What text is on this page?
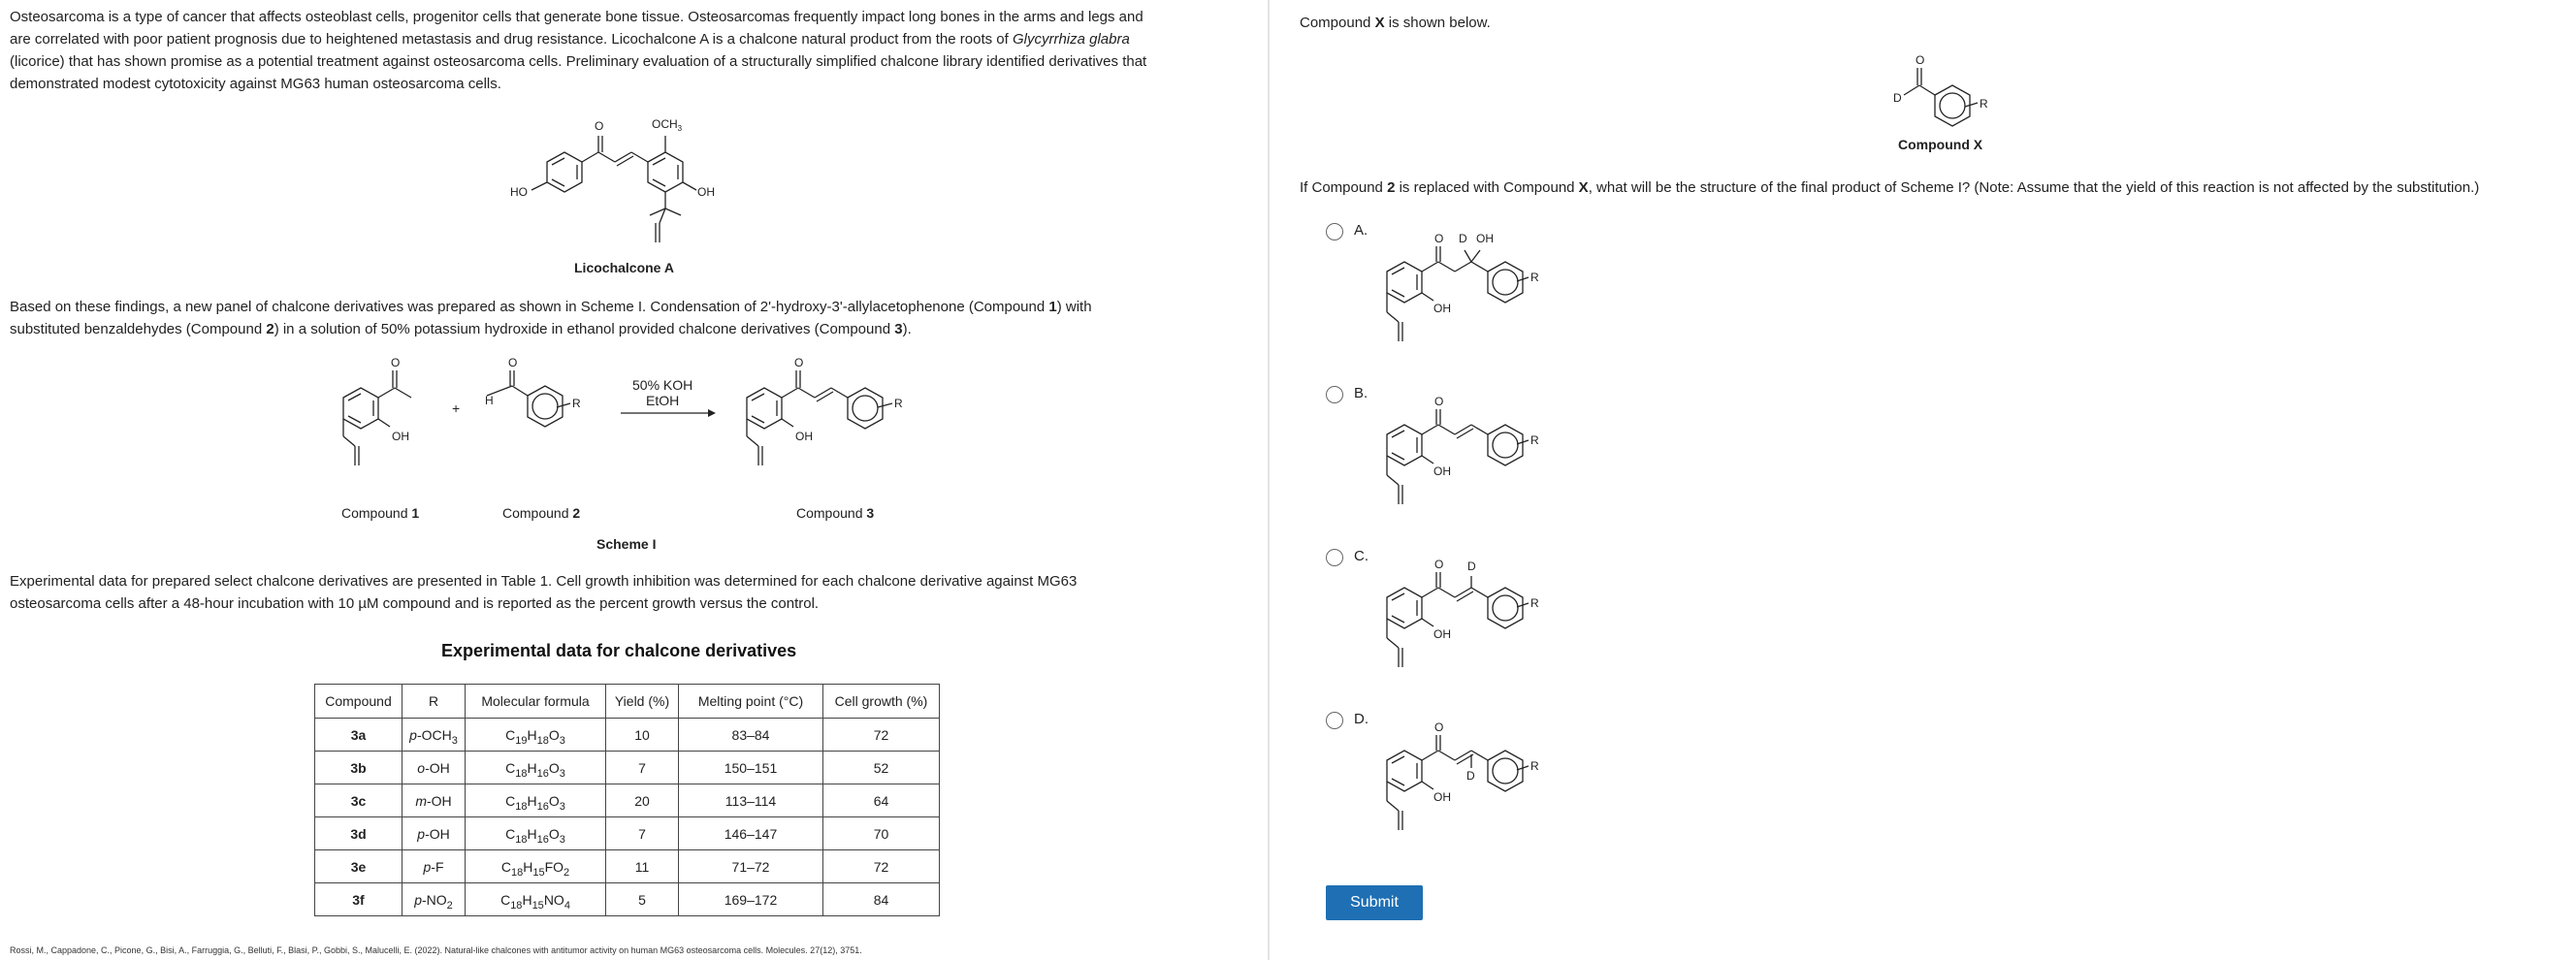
Osteosarcoma is a type of cancer that affects osteoblast cells, progenitor cells that generate bone tissue. Osteosarcomas frequently impact long bones in the arms and legs and
are correlated with poor patient prognosis due to heightened metastasis and drug resistance. Licochalcone A is a chalcone natural product from the roots of Glycyrrhiza glabra
(licorice) that has shown promise as a potential treatment against osteosarcoma cells. Preliminary evaluation of a structurally simplified chalcone library identified derivatives that
demonstrated modest cytotoxicity against MG63 human osteosarcoma cells.
O
HO	OH
$OCH_3$
Licochalcone A
Based on these findings, a new panel of chalcone derivatives was prepared as shown in Scheme I. Condensation of 2'-hydroxy-3'-allylacetophenone (Compound 1) with
substituted benzaldehydes (Compound 2) in a solution of 50% potassium hydroxide in ethanol provided chalcone derivatives (Compound 3).
O
OH
+
O
H	R
O
OH
R
50% KOH
EtOH
Compound 1	Compound 2	Compound 3
Scheme I
Experimental data for prepared select chalcone derivatives are presented in Table 1. Cell growth inhibition was determined for each chalcone derivative against MG63
osteosarcoma cells after a 48-hour incubation with 10 µM compound and is reported as the percent growth versus the control.
Experimental data for chalcone derivatives
Compound	R	Molecular formula	Yield (%)	Melting point (°C)	Cell growth (%)
3a	$p-OCH_3$	$C_{19}H_{18}O_3$	10	83–84	72
3b	o-OH	$C_{18}H_{16}O_3$	7	150–151	52
3c	m-OH	$C_{18}H_{16}O_3$	20	113–114	64
3d	p-OH	$C_{18}H_{16}O_3$	7	146–147	70
3e	p-F	$C_{18}H_{15}FO_2$	11	71–72	72
3f	$p-NO_2$	$C_{18}H_{15}NO_4$	5	169–172	84
Rossi, M., Cappadone, C., Picone, G., Bisi, A., Farruggia, G., Belluti, F., Blasi, P., Gobbi, S., Malucelli, E. (2022). Natural-like chalcones with antitumor activity on human MG63 osteosarcoma cells. Molecules. 27(12), 3751.
Compound X is shown below.
O
D	R
Compound X
If Compound 2 is replaced with Compound X, what will be the structure of the final product of Scheme I? (Note: Assume that the yield of this reaction is not affected by the substitution.)
A.	O D OH
OH
R
B.	O
OH
R
C.	O D
OH
R
D.	O
D
OH
R
Submit
